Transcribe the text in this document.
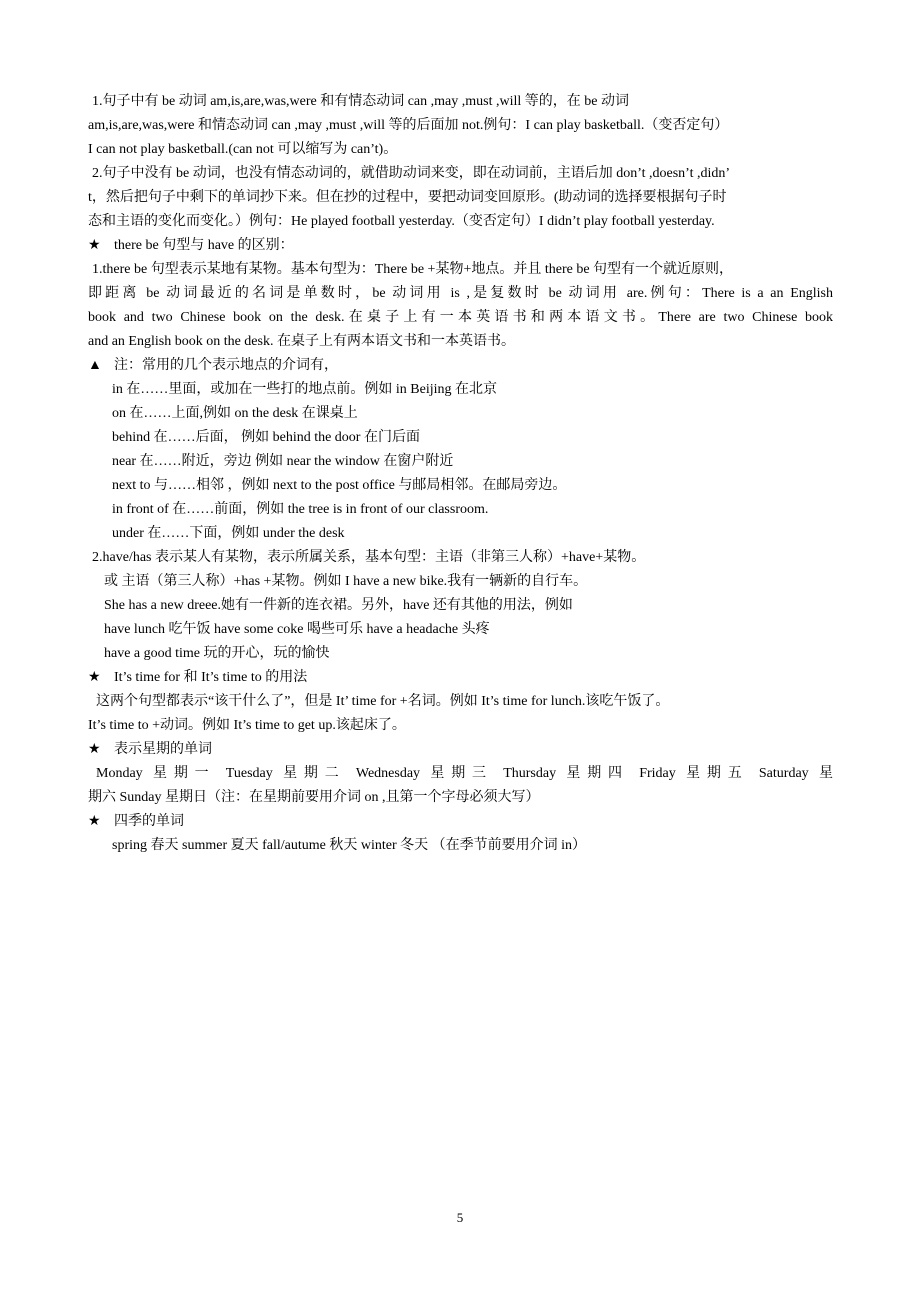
1.句子中有 be 动词 am,is,are,was,were 和有情态动词 can ,may ,must ,will 等的，在 be 动词

am,is,are,was,were 和情态动词 can ,may ,must ,will 等的后面加 not.例句：I can play basketball.（变否定句）

I can not play basketball.(can not 可以缩写为 can’t)。

2.句子中没有 be 动词，也没有情态动词的，就借助动词来变，即在动词前，主语后加 don’t ,doesn’t ,didn’

t，然后把句子中剩下的单词抄下来。但在抄的过程中，要把动词变回原形。(助动词的选择要根据句子时

态和主语的变化而变化。）例句：He played football yesterday.（变否定句）I didn’t play football yesterday.

★ there be 句型与 have 的区别：

1.there be 句型表示某地有某物。基本句型为：There be +某物+地点。并且 there be 句型有一个就近原则，

即距离 be 动词最近的名词是单数时，be 动词用 is ,是复数时 be 动词用 are.例句：There is a an English

book and two Chinese book on the desk.在桌子上有一本英语书和两本语文书。There are two Chinese book

and an English book on the desk. 在桌子上有两本语文书和一本英语书。

▲ 注：常用的几个表示地点的介词有，

in 在……里面，或加在一些打的地点前。例如 in Beijing 在北京

on 在……上面,例如 on the desk 在课桌上

behind 在……后面， 例如 behind the door 在门后面

near 在……附近，旁边 例如 near the window 在窗户附近

next to 与……相邻 ，例如 next to the post office 与邮局相邻。在邮局旁边。

in front of 在……前面，例如 the tree is in front of our classroom.

under 在……下面，例如 under the desk

2.have/has 表示某人有某物，表示所属关系，基本句型：主语（非第三人称）+have+某物。

或 主语（第三人称）+has +某物。例如 I have a new bike.我有一辆新的自行车。

She has a new dreee.她有一件新的连衣裙。另外，have 还有其他的用法，例如

have lunch 吃午饭 have some coke 喝些可乐 have a headache 头疼

have a good time 玩的开心，玩的愉快

★ It’s time for 和 It’s time to 的用法

这两个句型都表示“该干什么了”，但是 It’ time for +名词。例如 It’s time for lunch.该吃午饭了。

It’s time to +动词。例如 It’s time to get up.该起床了。

★ 表示星期的单词

Monday 星期一 Tuesday 星期二 Wednesday 星期三 Thursday 星期四 Friday 星期五 Saturday 星

期六 Sunday 星期日（注：在星期前要用介词 on ,且第一个字母必须大写）

★ 四季的单词

spring 春天 summer 夏天 fall/autume 秋天 winter 冬天 （在季节前要用介词 in）

5
